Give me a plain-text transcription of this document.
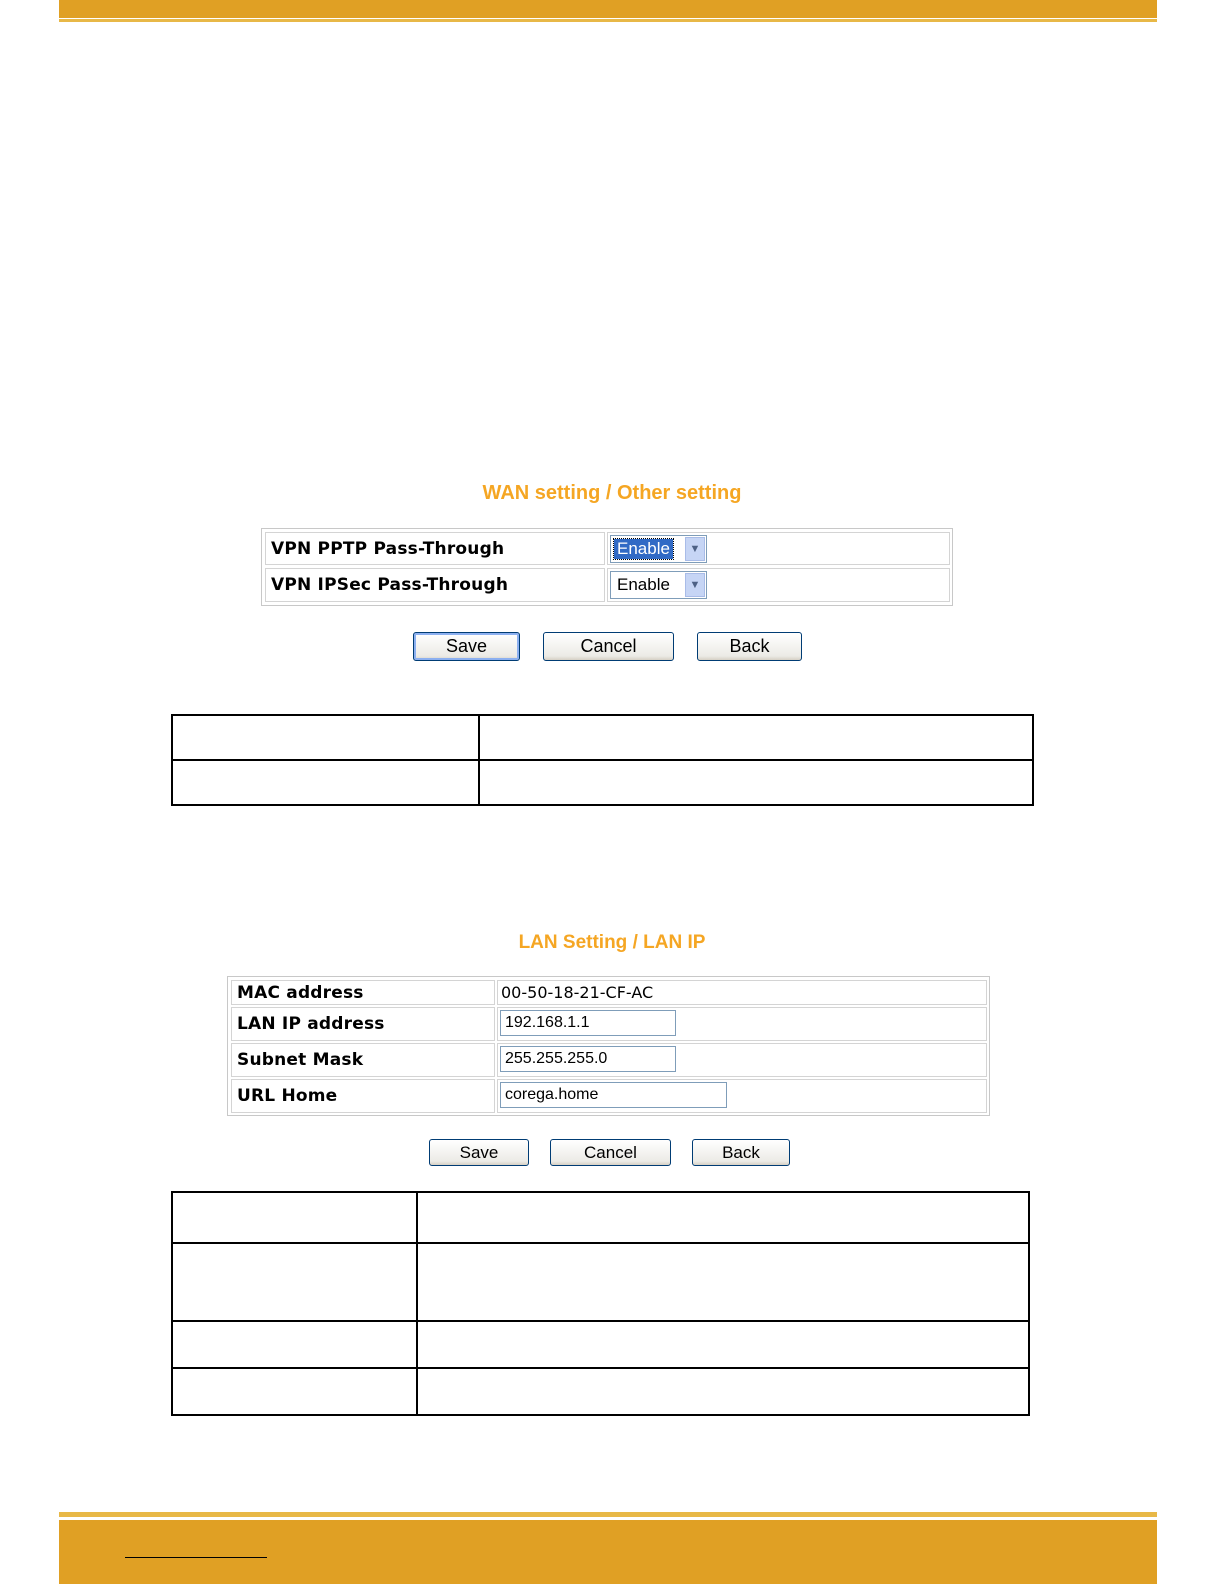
WAN setting / Other setting
VPN PPTP Pass-Through	Enable	▼
VPN IPSec Pass-Through	Enable	▼
Save	Cancel	Back
LAN Setting / LAN IP
MAC address	00-50-18-21-CF-AC
LAN IP address	192.168.1.1
Subnet Mask	255.255.255.0
URL Home	corega.home
Save	Cancel	Back
